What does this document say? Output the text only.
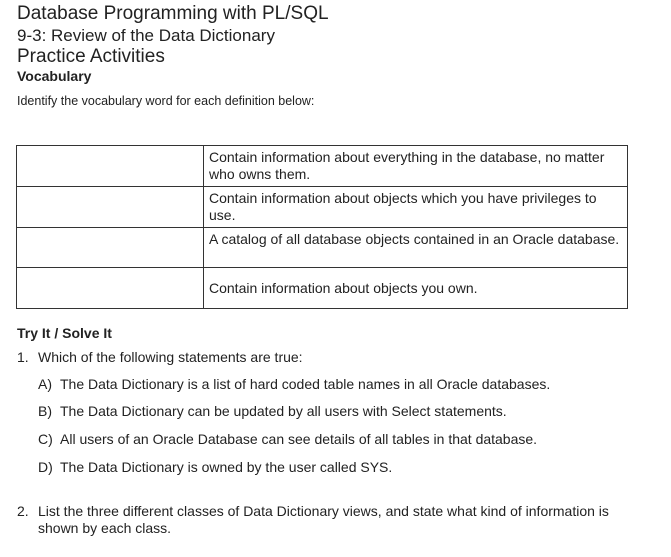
Database Programming with PL/SQL
9-3: Review of the Data Dictionary
Practice Activities
Vocabulary
Identify the vocabulary word for each definition below:
	Contain information about everything in the database, no matter who owns them.
	Contain information about objects which you have privileges to use.
	A catalog of all database objects contained in an Oracle database.
	Contain information about objects you own.
Try It / Solve It
1. Which of the following statements are true:
A) The Data Dictionary is a list of hard coded table names in all Oracle databases.
B) The Data Dictionary can be updated by all users with Select statements.
C) All users of an Oracle Database can see details of all tables in that database.
D) The Data Dictionary is owned by the user called SYS.
2. List the three different classes of Data Dictionary views, and state what kind of information is shown by each class.
